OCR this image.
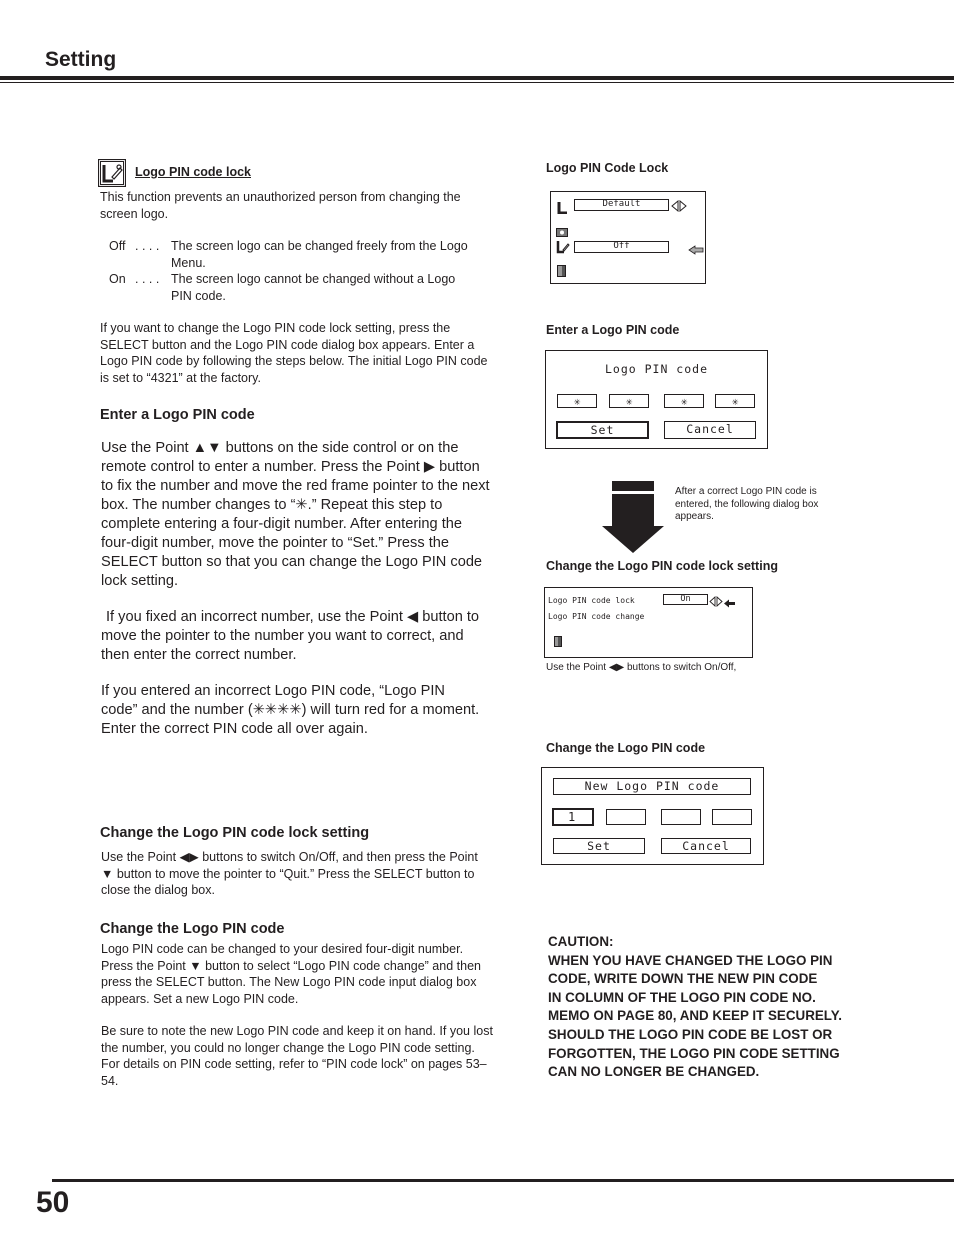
Setting
Logo PIN code lock
This function prevents an unauthorized person from changing the screen logo.
Off . . . . The screen logo can be changed freely from the Logo Menu.
On . . . . The screen logo cannot be changed without a Logo PIN code.
If you want to change the Logo PIN code lock setting, press the SELECT button and the Logo PIN code dialog box appears. Enter a Logo PIN code by following the steps below. The initial Logo PIN code is set to “4321” at the factory.
Enter a Logo PIN code
Use the Point ▲▼ buttons on the side control or on the remote control to enter a number. Press the Point ▶ button to fix the number and move the red frame pointer to the next box. The number changes to “✳.” Repeat this step to complete entering a four-digit number. After entering the four-digit number, move the pointer to “Set.” Press the SELECT button so that you can change the Logo PIN code lock setting.
If you fixed an incorrect number, use the Point ◀ button to move the pointer to the number you want to correct, and then enter the correct number.
If you entered an incorrect Logo PIN code, “Logo PIN code” and the number (✳✳✳✳) will turn red for a moment. Enter the correct PIN code all over again.
Change the Logo PIN code lock setting
Use the Point ◀▶ buttons to switch On/Off, and then press the Point ▼ button to move the pointer to “Quit.” Press the SELECT button to close the dialog box.
Change the Logo PIN code
Logo PIN code can be changed to your desired four-digit number. Press the Point ▼ button to select “Logo PIN code change” and then press the SELECT button. The New Logo PIN code input dialog box appears. Set a new Logo PIN code.
Be sure to note the new Logo PIN code and keep it on hand. If you lost the number, you could no longer change the Logo PIN code setting. For details on PIN code setting, refer to “PIN code lock” on pages 53–54.
Logo PIN Code Lock
Default
Off
Enter a Logo PIN code
Logo PIN code
✳	✳	✳	✳
Set	Cancel
After a correct Logo PIN code is entered, the following dialog box appears.
Change the Logo PIN code lock setting
Logo PIN code lock	On
Logo PIN code change
Use the Point ◀▶ buttons to switch On/Off,
Change the Logo PIN code
New Logo PIN code
1
Set	Cancel
CAUTION:
WHEN YOU HAVE CHANGED THE LOGO PIN
CODE, WRITE DOWN THE NEW PIN CODE
IN COLUMN OF THE LOGO PIN CODE NO.
MEMO ON PAGE 80, AND KEEP IT SECURELY.
SHOULD THE LOGO PIN CODE BE LOST OR
FORGOTTEN, THE LOGO PIN CODE SETTING
CAN NO LONGER BE CHANGED.
50
